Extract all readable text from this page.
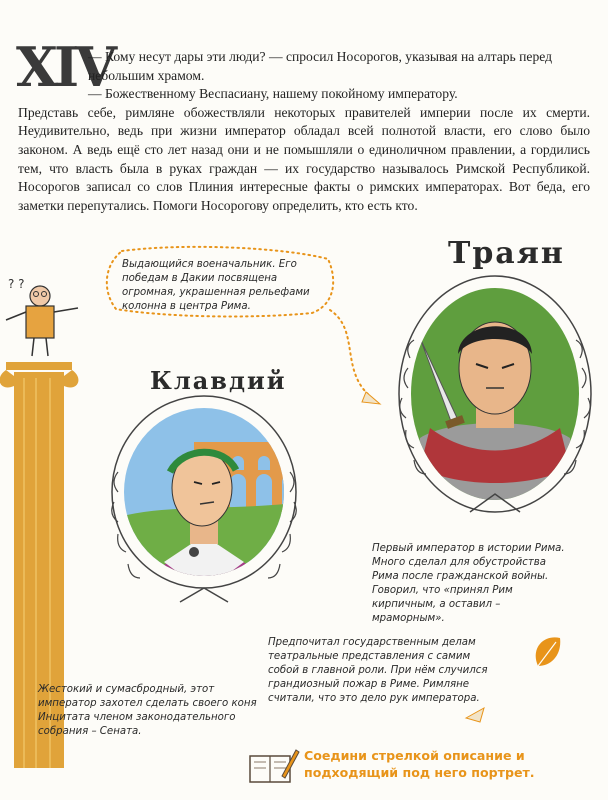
XIV

— Кому несут дары эти люди? — спросил Носорогов, указывая на алтарь перед небольшим храмом.

— Божественному Веспасиану, нашему покойному императору.

Представь себе, римляне обожествляли некоторых правителей империи после их смерти. Неудивительно, ведь при жизни император обладал всей полнотой власти, его слово было законом. А ведь ещё сто лет назад они и не помышляли о единоличном правлении, а гордились тем, что власть была в руках граждан — их государство называлось Римской Республикой. Носорогов записал со слов Плиния интересные факты о римских императорах. Вот беда, его заметки перепутались. Помоги Носорогову определить, кто есть кто.

? ?
Выдающийся военачальник. Его победам в Дакии посвящена огромная, украшенная рельефами колонна в центра Рима.
Первый император в истории Рима. Много сделал для обустройства Рима после гражданской войны. Говорил, что «принял Рим кирпичным, а оставил – мраморным».
Предпочитал государственным делам театральные представления с самим собой в главной роли. При нём случился грандиозный пожар в Риме. Римляне считали, что это дело рук императора.
Жестокий и сумасбродный, этот император захотел сделать своего коня Инцитата членом законодательного собрания – Сената.
Траян
Клавдий
Соедини стрелкой описание и подходящий под него портрет.
